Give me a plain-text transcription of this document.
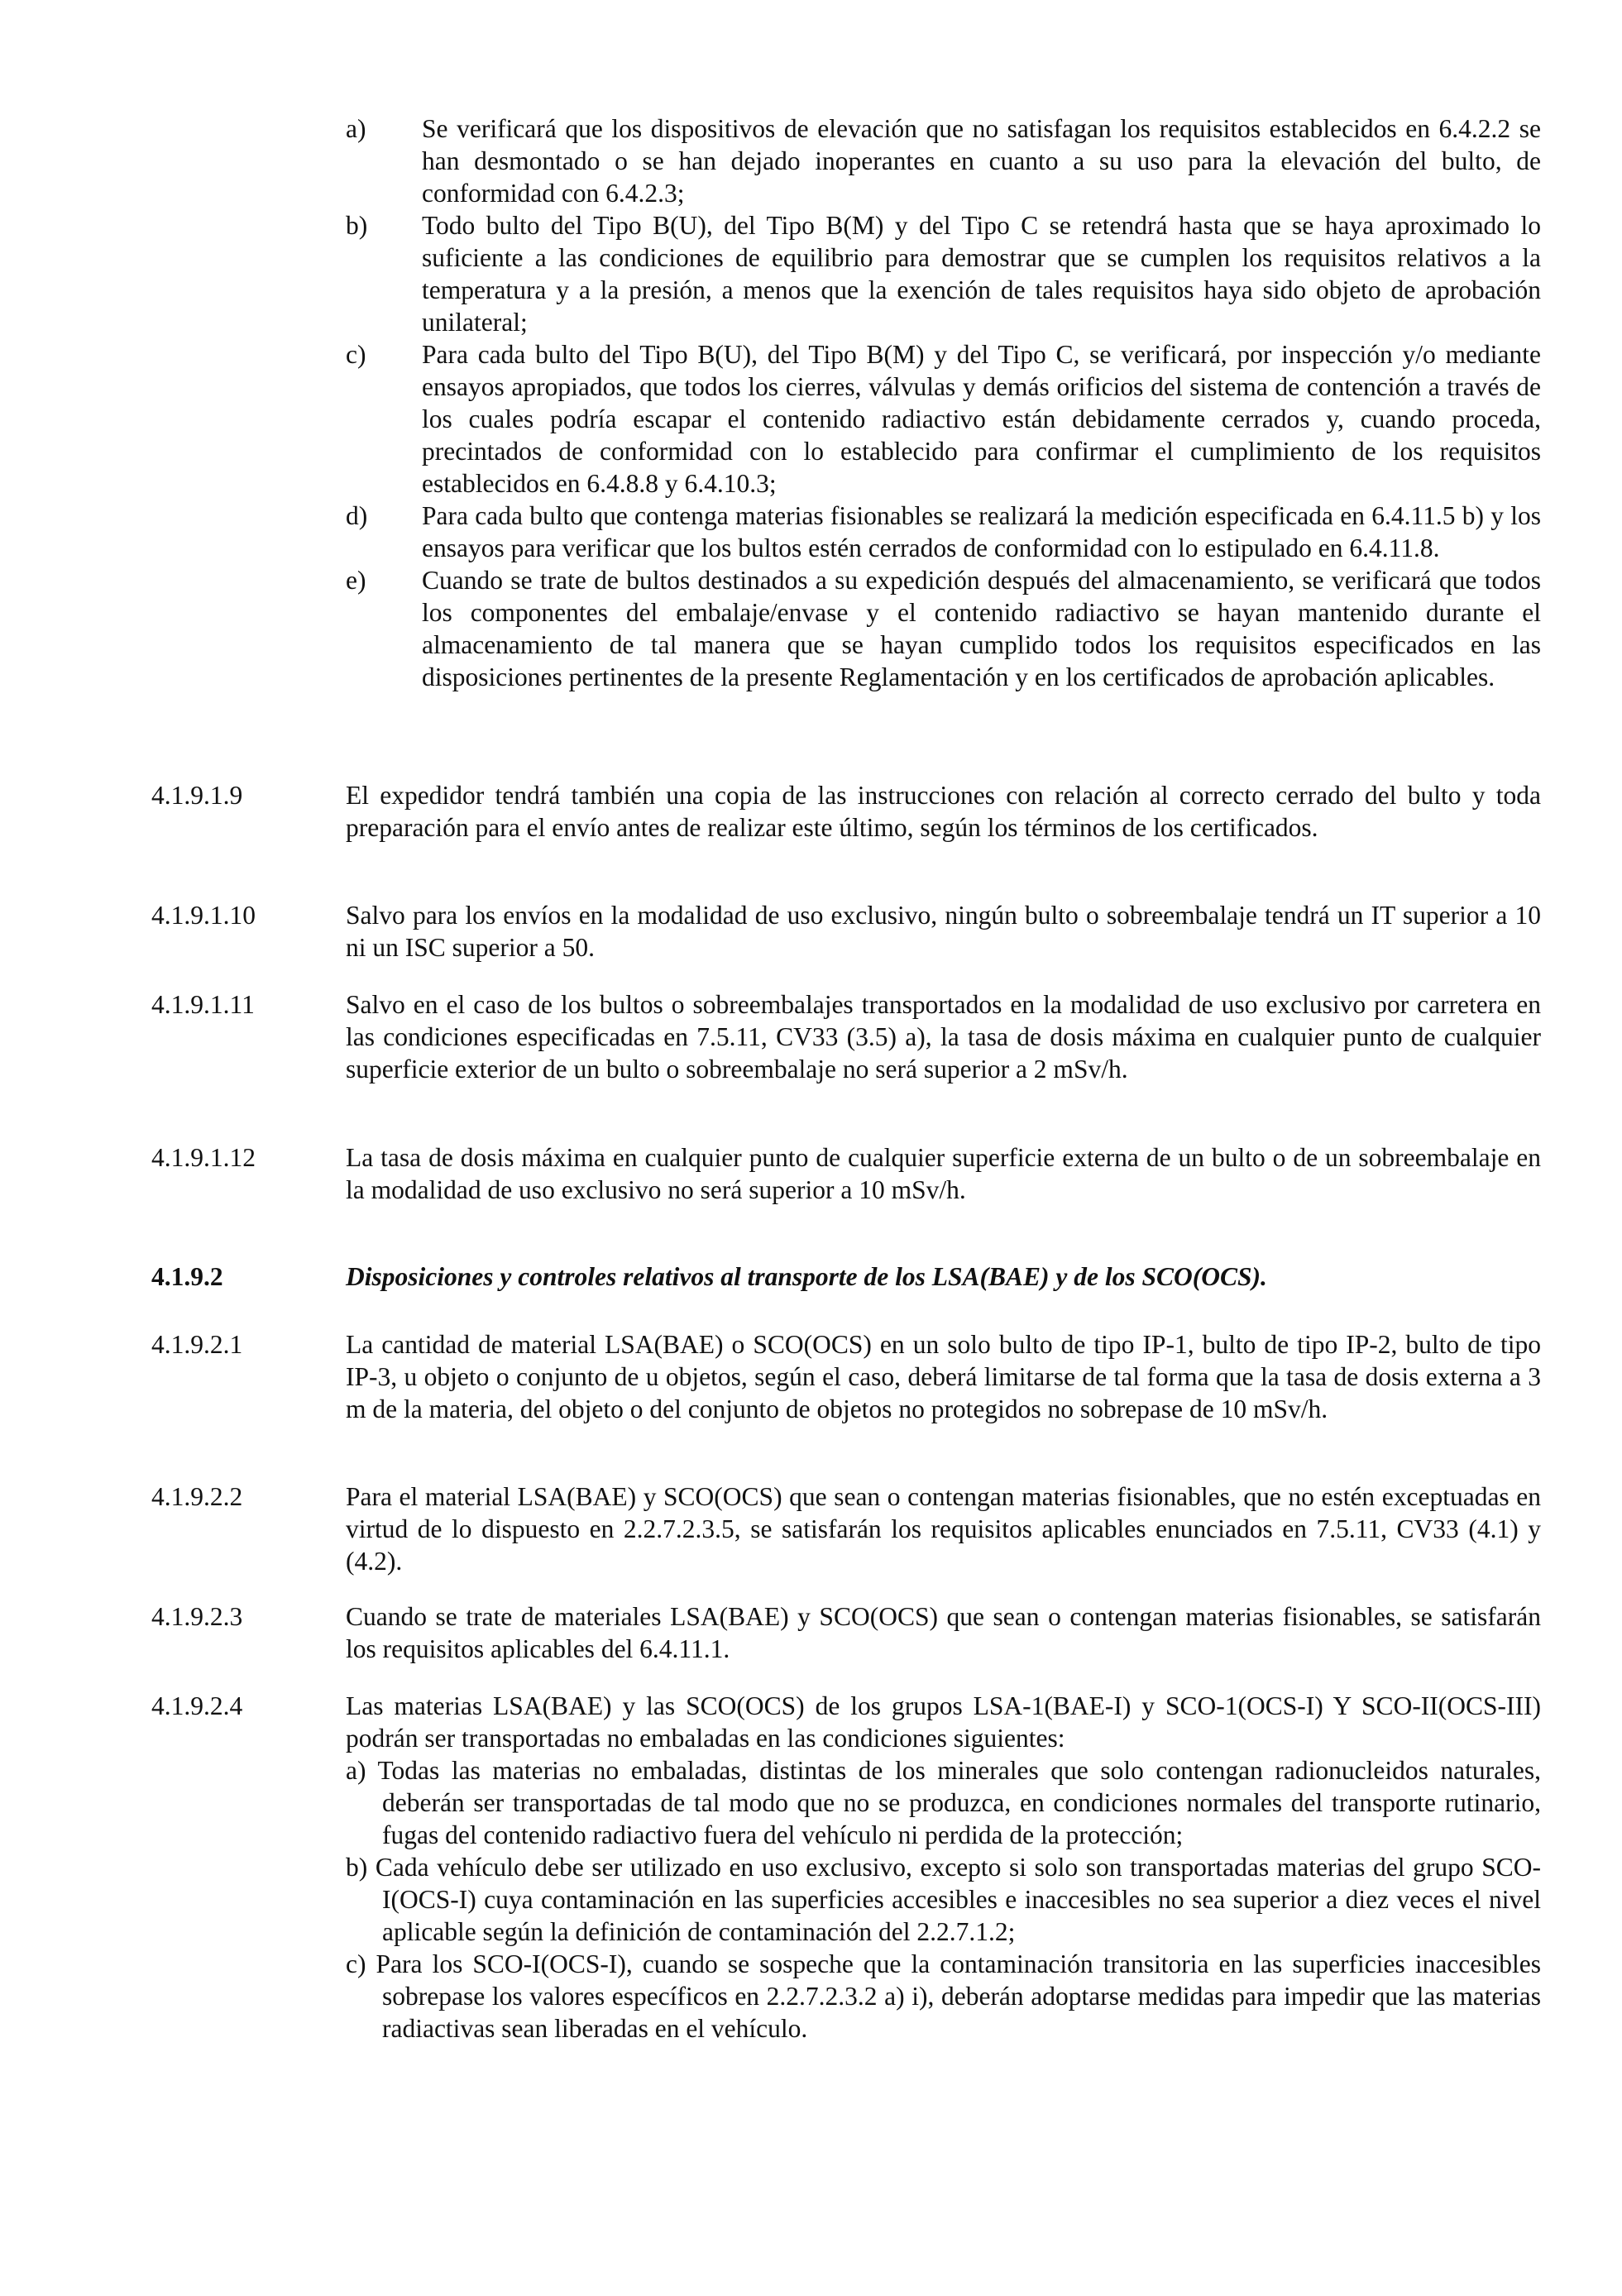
a)	Se verificará que los dispositivos de elevación que no satisfagan los requisitos establecidos en 6.4.2.2 se han desmontado o se han dejado inoperantes en cuanto a su uso para la elevación del bulto, de conformidad con 6.4.2.3;
b)	Todo bulto del Tipo B(U), del Tipo B(M) y del Tipo C se retendrá hasta que se haya aproximado lo suficiente a las condiciones de equilibrio para demostrar que se cumplen los requisitos relativos a la temperatura y a la presión, a menos que la exención de tales requisitos haya sido objeto de aprobación unilateral;
c)	Para cada bulto del Tipo B(U), del Tipo B(M) y del Tipo C, se verificará, por inspección y/o mediante ensayos apropiados, que todos los cierres, válvulas y demás orificios del sistema de contención a través de los cuales podría escapar el contenido radiactivo están debidamente cerrados y, cuando proceda, precintados de conformidad con lo establecido para confirmar el cumplimiento de los requisitos establecidos en 6.4.8.8 y 6.4.10.3;
d)	Para cada bulto que contenga materias fisionables se realizará la medición especificada en 6.4.11.5 b) y los ensayos para verificar que los bultos estén cerrados de conformidad con lo estipulado en 6.4.11.8.
e)	Cuando se trate de bultos destinados a su expedición después del almacenamiento, se verificará que todos los componentes del embalaje/envase y el contenido radiactivo se hayan mantenido durante el almacenamiento de tal manera que se hayan cumplido todos los requisitos especificados en las disposiciones pertinentes de la presente Reglamentación y en los certificados de aprobación aplicables.
4.1.9.1.9	El expedidor tendrá también una copia de las instrucciones con relación al correcto cerrado del bulto y toda preparación para el envío antes de realizar este último, según los términos de los certificados.
4.1.9.1.10	Salvo para los envíos en la modalidad de uso exclusivo, ningún bulto o sobreembalaje tendrá un IT superior a 10 ni un ISC superior a 50.
4.1.9.1.11	Salvo en el caso de los bultos o sobreembalajes transportados en la modalidad de uso exclusivo por carretera en las condiciones especificadas en 7.5.11, CV33 (3.5) a), la tasa de dosis máxima en cualquier punto de cualquier superficie exterior de un bulto o sobreembalaje no será superior a 2 mSv/h.
4.1.9.1.12	La tasa de dosis máxima en cualquier punto de cualquier superficie externa de un bulto o de un sobreembalaje en la modalidad de uso exclusivo no será superior a 10 mSv/h.
4.1.9.2	Disposiciones y controles relativos al transporte de los LSA(BAE) y de los SCO(OCS).
4.1.9.2.1	La cantidad de material LSA(BAE) o SCO(OCS) en un solo bulto de tipo IP-1, bulto de tipo IP-2, bulto de tipo IP-3, u objeto o conjunto de u objetos, según el caso, deberá limitarse de tal forma que la tasa de dosis externa a 3 m de la materia, del objeto o del conjunto de objetos no protegidos no sobrepase de 10 mSv/h.
4.1.9.2.2	Para el material LSA(BAE) y SCO(OCS) que sean o contengan materias fisionables, que no estén exceptuadas en virtud de lo dispuesto en 2.2.7.2.3.5, se satisfarán los requisitos aplicables enunciados en 7.5.11, CV33 (4.1) y (4.2).
4.1.9.2.3	Cuando se trate de materiales LSA(BAE) y SCO(OCS) que sean o contengan materias fisionables, se satisfarán los requisitos aplicables del 6.4.11.1.
4.1.9.2.4	Las materias LSA(BAE) y las SCO(OCS) de los grupos LSA-1(BAE-I) y SCO-1(OCS-I) Y SCO-II(OCS-III) podrán ser transportadas no embaladas en las condiciones siguientes:
a) Todas las materias no embaladas, distintas de los minerales que solo contengan radionucleidos naturales, deberán ser transportadas de tal modo que no se produzca, en condiciones normales del transporte rutinario, fugas del contenido radiactivo fuera del vehículo ni perdida de la protección;
b) Cada vehículo debe ser utilizado en uso exclusivo, excepto si solo son transportadas materias del grupo SCO-I(OCS-I) cuya contaminación en las superficies accesibles e inaccesibles no sea superior a diez veces el nivel aplicable según la definición de contaminación del 2.2.7.1.2;
c) Para los SCO-I(OCS-I), cuando se sospeche que la contaminación transitoria en las superficies inaccesibles sobrepase los valores específicos en 2.2.7.2.3.2 a) i), deberán adoptarse medidas para impedir que las materias radiactivas sean liberadas en el vehículo.
